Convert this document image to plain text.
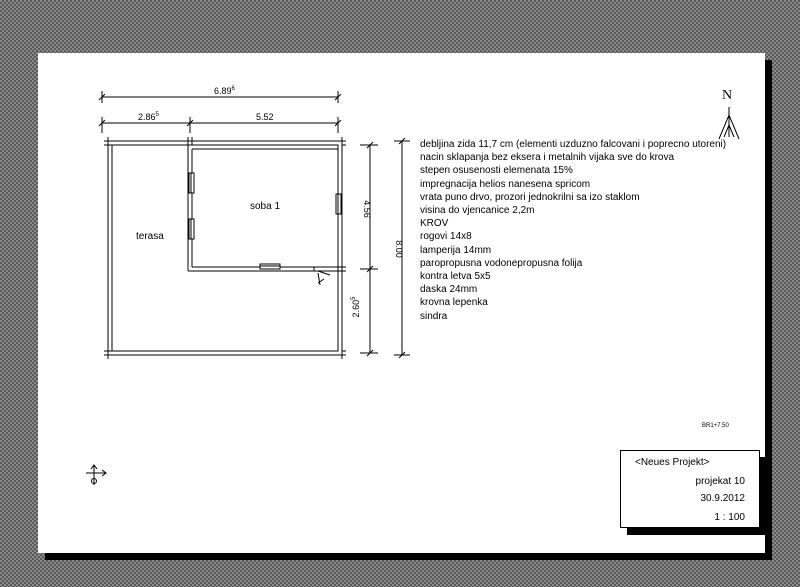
6.89$^6$
2.86$^5$	5.52
terasa
soba 1	4.56
2.60$^5$
8.00
N
debljina zida 11,7 cm (elementi uzduzno falcovani i poprecno utoreni)
nacin sklapanja bez eksera i metalnih vijaka sve do krova
stepen osusenosti elemenata 15%
impregnacija helios nanesena spricom
vrata puno drvo, prozori jednokrilni sa izo staklom
visina do vjencanice 2,2m
KROV
rogovi 14x8
lamperija 14mm
paropropusna vodonepropusna folija
kontra letva 5x5
daska 24mm
krovna lepenka
sindra
BR1+7.50
<Neues Projekt>
projekat 10
30.9.2012
1 : 100
